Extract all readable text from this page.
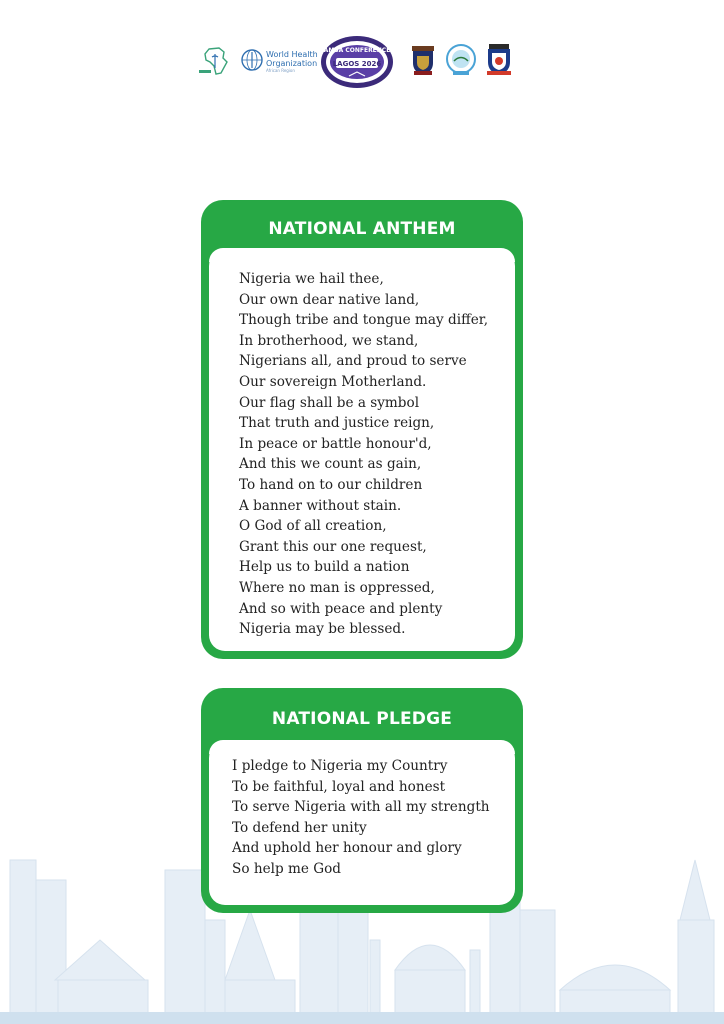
World Health
Organization
African Region
AMSA CONFERENCE
LAGOS 2026
NATIONAL ANTHEM
Nigeria we hail thee,
Our own dear native land,
Though tribe and tongue may differ,
In brotherhood, we stand,
Nigerians all, and proud to serve
Our sovereign Motherland.
Our flag shall be a symbol
That truth and justice reign,
In peace or battle honour'd,
And this we count as gain,
To hand on to our children
A banner without stain.
O God of all creation,
Grant this our one request,
Help us to build a nation
Where no man is oppressed,
And so with peace and plenty
Nigeria may be blessed.
NATIONAL PLEDGE
I pledge to Nigeria my Country
To be faithful, loyal and honest
To serve Nigeria with all my strength
To defend her unity
And uphold her honour and glory
So help me God
